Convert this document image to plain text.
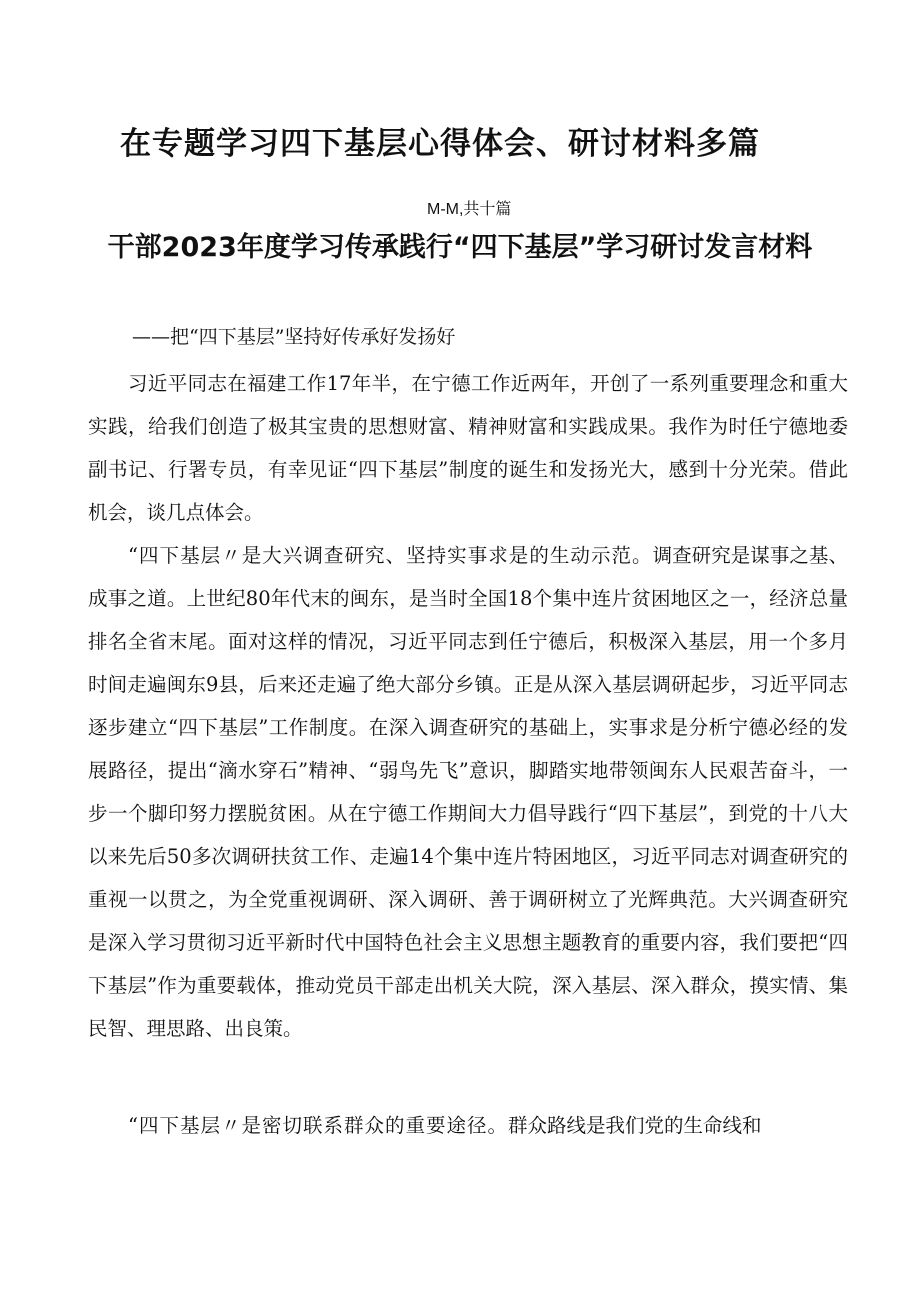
在专题学习四下基层心得体会、研讨材料多篇

M-M,共十篇

干部2023年度学习传承践行“四下基层”学习研讨发言材料

——把“四下基层”坚持好传承好发扬好

习近平同志在福建工作17年半，在宁德工作近两年，开创了一系列重要理念和重大实践，给我们创造了极其宝贵的思想财富、精神财富和实践成果。我作为时任宁德地委副书记、行署专员，有幸见证“四下基层”制度的诞生和发扬光大，感到十分光荣。借此机会，谈几点体会。

“四下基层〃是大兴调查研究、坚持实事求是的生动示范。调查研究是谋事之基、成事之道。上世纪80年代末的闽东，是当时全国18个集中连片贫困地区之一，经济总量排名全省末尾。面对这样的情况，习近平同志到任宁德后，积极深入基层，用一个多月时间走遍闽东9县，后来还走遍了绝大部分乡镇。正是从深入基层调研起步，习近平同志逐步建立“四下基层”工作制度。在深入调查研究的基础上，实事求是分析宁德必经的发展路径，提出“滴水穿石”精神、“弱鸟先飞”意识，脚踏实地带领闽东人民艰苦奋斗，一步一个脚印努力摆脱贫困。从在宁德工作期间大力倡导践行“四下基层”，到党的十八大以来先后50多次调研扶贫工作、走遍14个集中连片特困地区，习近平同志对调查研究的重视一以贯之，为全党重视调研、深入调研、善于调研树立了光辉典范。大兴调查研究是深入学习贯彻习近平新时代中国特色社会主义思想主题教育的重要内容，我们要把“四下基层”作为重要载体，推动党员干部走出机关大院，深入基层、深入群众，摸实情、集民智、理思路、出良策。

“四下基层〃是密切联系群众的重要途径。群众路线是我们党的生命线和
